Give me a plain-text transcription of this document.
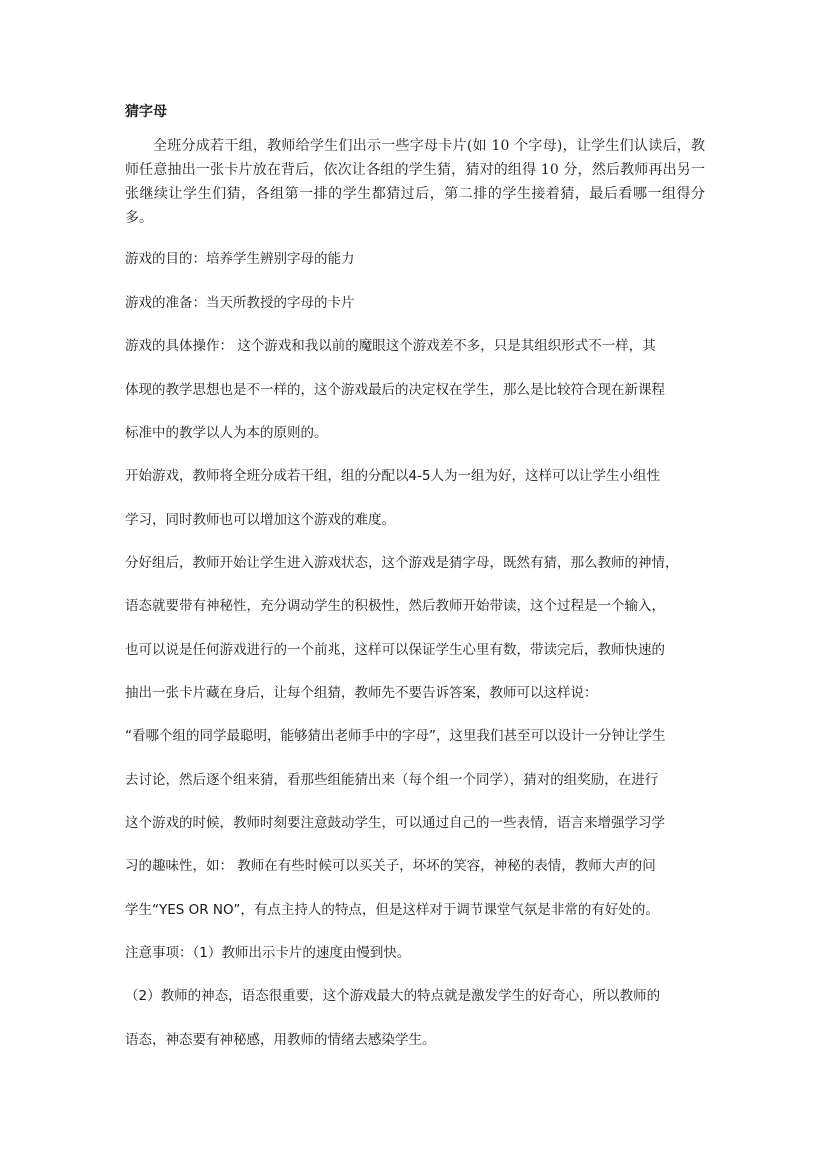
猜字母

全班分成若干组，教师给学生们出示一些字母卡片(如 10 个字母)，让学生们认读后，教师任意抽出一张卡片放在背后，依次让各组的学生猜，猜对的组得 10 分，然后教师再出另一张继续让学生们猜，各组第一排的学生都猜过后，第二排的学生接着猜，最后看哪一组得分多。

游戏的目的：培养学生辨别字母的能力

游戏的准备：当天所教授的字母的卡片

游戏的具体操作： 这个游戏和我以前的魔眼这个游戏差不多，只是其组织形式不一样，其

体现的教学思想也是不一样的，这个游戏最后的决定权在学生，那么是比较符合现在新课程

标准中的教学以人为本的原则的。

开始游戏，教师将全班分成若干组，组的分配以4-5人为一组为好，这样可以让学生小组性

学习，同时教师也可以增加这个游戏的难度。

分好组后，教师开始让学生进入游戏状态，这个游戏是猜字母，既然有猜，那么教师的神情，

语态就要带有神秘性，充分调动学生的积极性，然后教师开始带读，这个过程是一个输入，

也可以说是任何游戏进行的一个前兆，这样可以保证学生心里有数，带读完后，教师快速的

抽出一张卡片藏在身后，让每个组猜，教师先不要告诉答案，教师可以这样说：

“看哪个组的同学最聪明，能够猜出老师手中的字母”，这里我们甚至可以设计一分钟让学生

去讨论，然后逐个组来猜，看那些组能猜出来（每个组一个同学），猜对的组奖励，在进行

这个游戏的时候，教师时刻要注意鼓动学生，可以通过自己的一些表情，语言来增强学习学

习的趣味性，如： 教师在有些时候可以买关子，坏坏的笑容，神秘的表情，教师大声的问

学生“YES OR NO”，有点主持人的特点，但是这样对于调节课堂气氛是非常的有好处的。

注意事项：（1）教师出示卡片的速度由慢到快。

（2）教师的神态，语态很重要，这个游戏最大的特点就是激发学生的好奇心，所以教师的

语态，神态要有神秘感，用教师的情绪去感染学生。
